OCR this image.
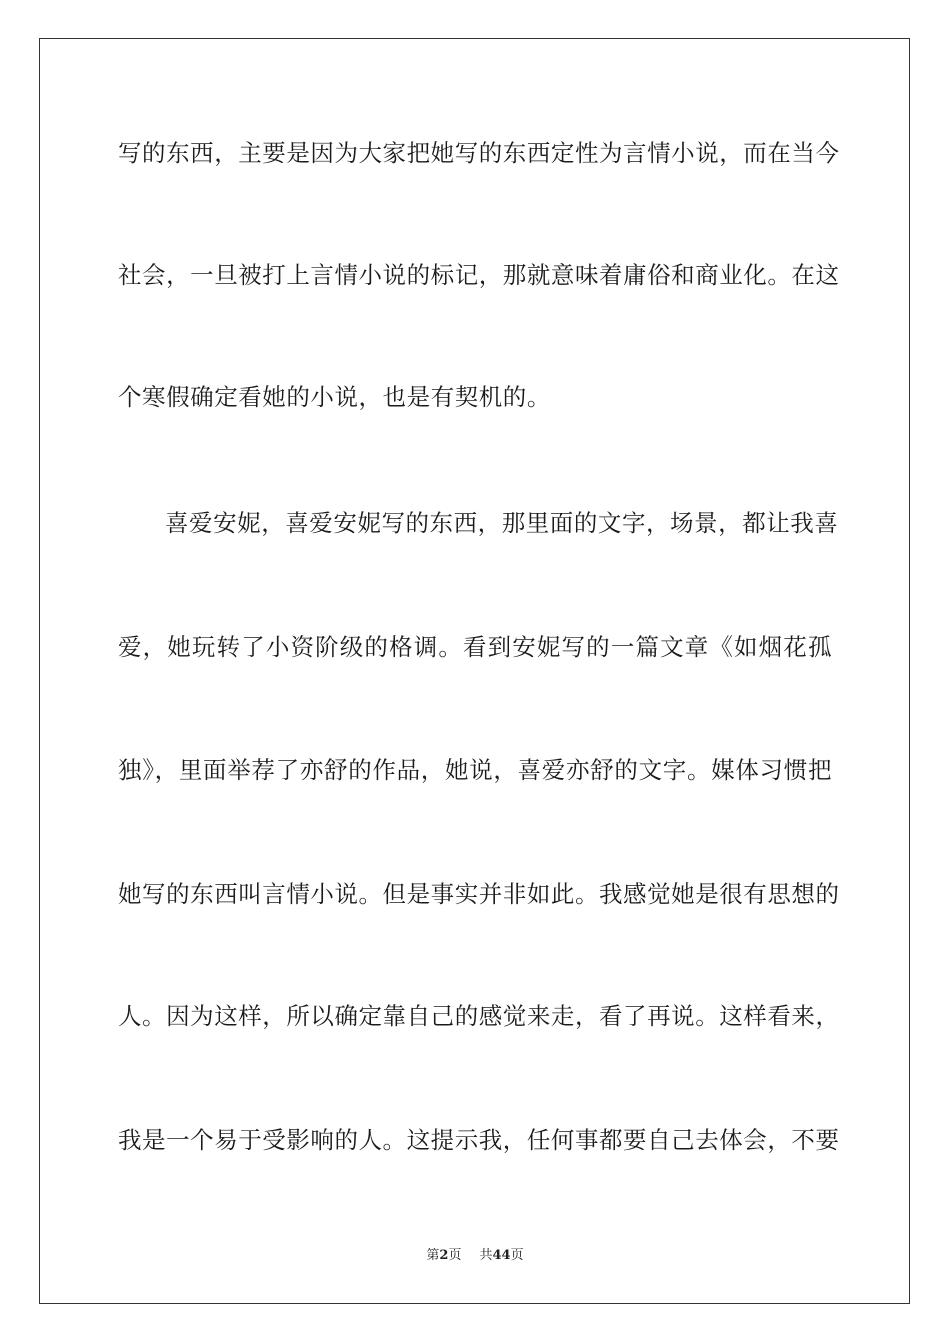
写的东西，主要是因为大家把她写的东西定性为言情小说，而在当今
社会，一旦被打上言情小说的标记，那就意味着庸俗和商业化。在这
个寒假确定看她的小说，也是有契机的。
喜爱安妮，喜爱安妮写的东西，那里面的文字，场景，都让我喜
爱，她玩转了小资阶级的格调。看到安妮写的一篇文章《如烟花孤
独》，里面举荐了亦舒的作品，她说，喜爱亦舒的文字。媒体习惯把
她写的东西叫言情小说。但是事实并非如此。我感觉她是很有思想的
人。因为这样，所以确定靠自己的感觉来走，看了再说。这样看来，
我是一个易于受影响的人。这提示我，任何事都要自己去体会，不要
第2页 共44页
